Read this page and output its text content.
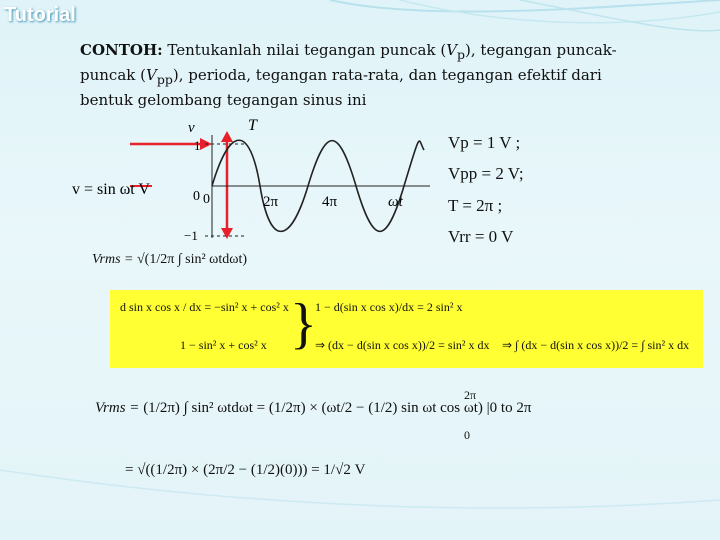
Tutorial
CONTOH: Tentukanlah nilai tegangan puncak $(V_p)$, tegangan puncak-puncak $(V_{pp})$, perioda, tegangan rata-rata, dan tegangan efektif dari bentuk gelombang tegangan sinus ini
v	T
1
−1
0 0	2π	4π	ωt
v = sin ωt V
Vp = 1 V ;
Vpp = 2 V;
T = 2π ;
Vrr = 0 V
Vrms = √(1/2π ∫ sin² ωtdωt)
d sin x cos x / dx = −sin² x + cos² x
1 − sin² x + cos² x }
1 − d(sin x cos x)/dx = 2 sin² x
⇒ (dx − d(sin x cos x))/2 = sin² x dx ⇒ ∫ (dx − d(sin x cos x))/2 = ∫ sin² x dx
Vrms = (1/2π) ∫ sin² ωtdωt = (1/2π) × (ωt/2 − (1/2) sin ωt cos ωt) |0 to 2π
2π
0
= √((1/2π) × (2π/2 − (1/2)(0))) = 1/√2 V
